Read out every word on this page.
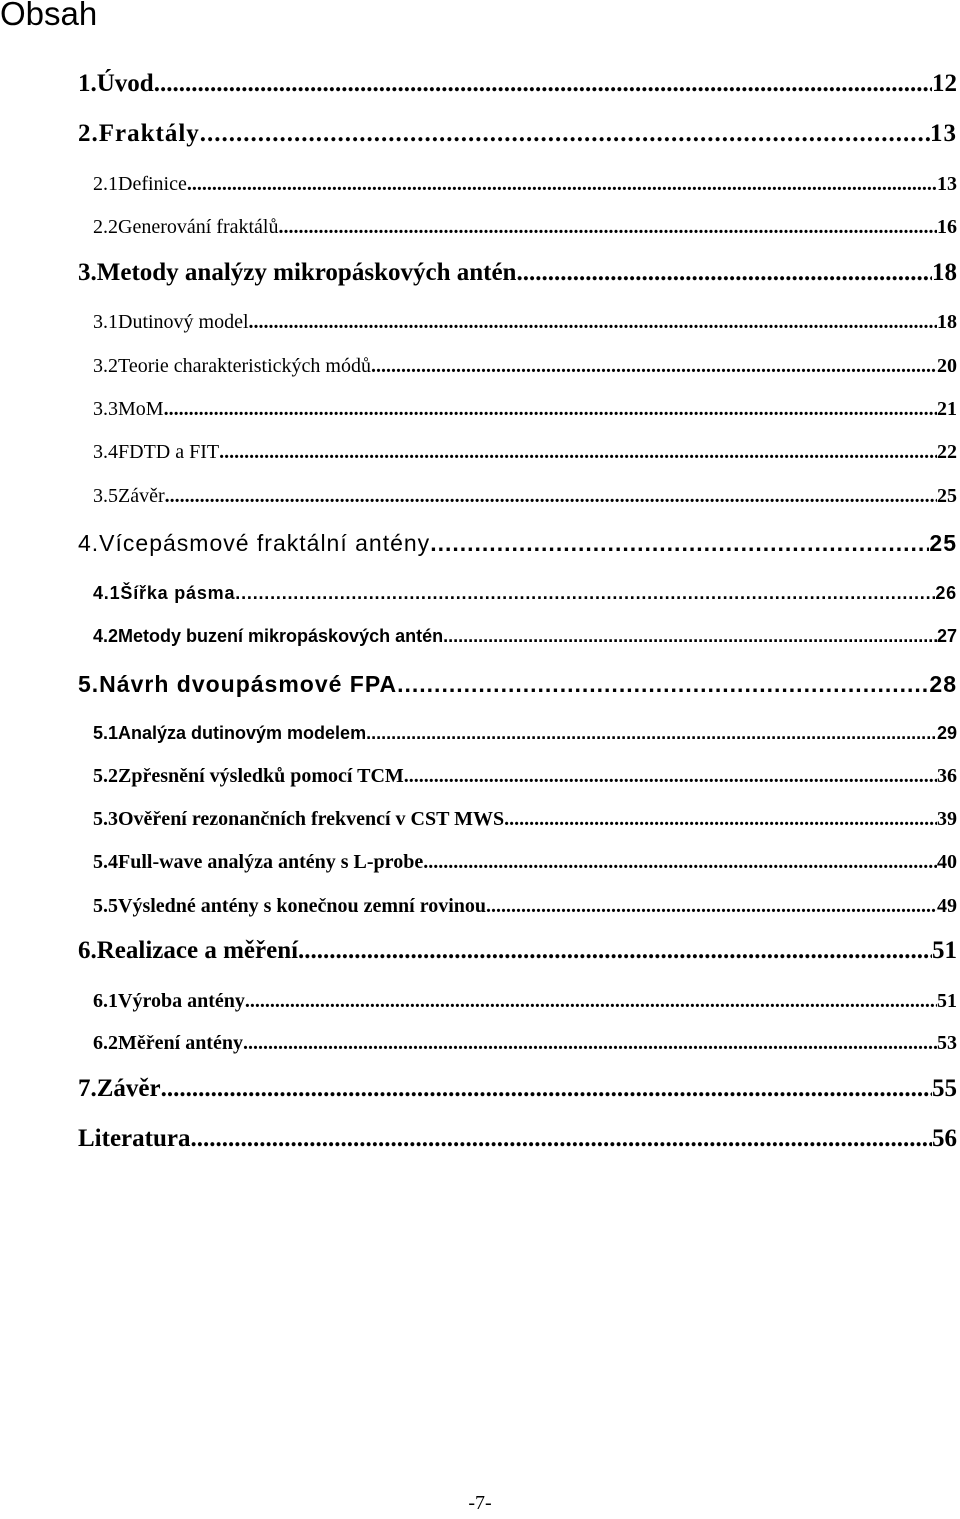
Obsah
1.Úvod .....	12
2.Fraktály .....	13
2.1Definice .....	13
2.2Generování fraktálů .....	16
3.Metody analýzy mikropáskových antén .....	18
3.1Dutinový model .....	18
3.2Teorie charakteristických módů .....	20
3.3MoM .....	21
3.4FDTD a FIT .....	22
3.5Závěr .....	25
4.Vícepásmové fraktální antény .....	25
4.1Šířka pásma .....	26
4.2Metody buzení mikropáskových antén .....	27
5.Návrh dvoupásmové FPA .....	28
5.1Analýza dutinovým modelem .....	29
5.2Zpřesnění výsledků pomocí TCM .....	36
5.3Ověření rezonančních frekvencí v CST MWS .....	39
5.4Full-wave analýza antény s L-probe .....	40
5.5Výsledné antény s konečnou zemní rovinou .....	49
6.Realizace a měření .....	51
6.1Výroba antény .....	51
6.2Měření antény .....	53
7.Závěr .....	55
Literatura .....	56
-7-
